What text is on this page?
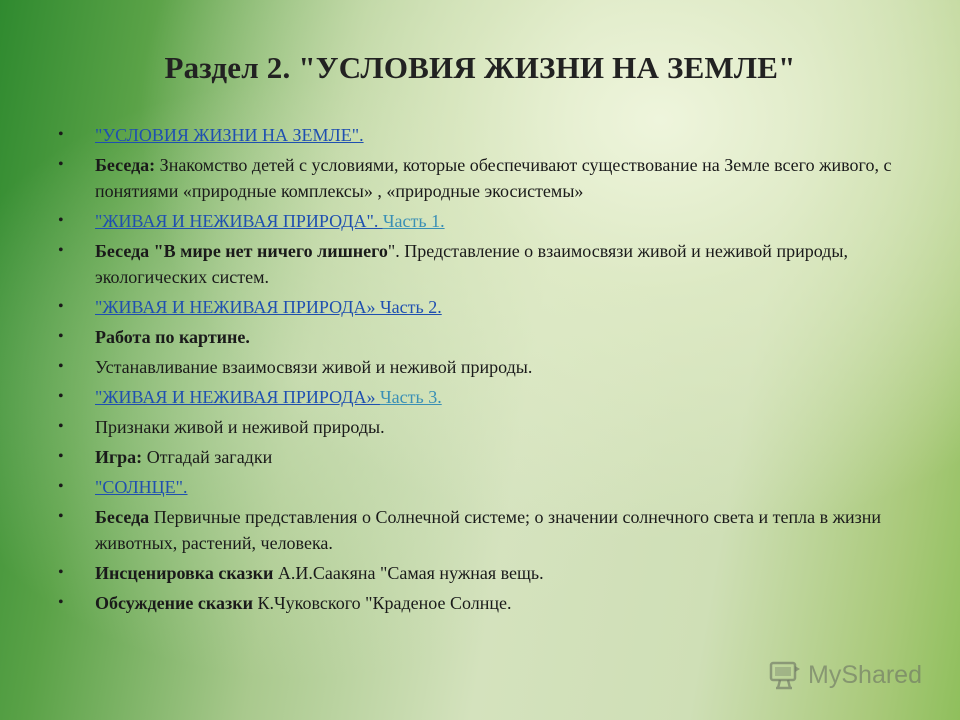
Раздел 2. "УСЛОВИЯ ЖИЗНИ НА ЗЕМЛЕ"
•	"УСЛОВИЯ ЖИЗНИ НА ЗЕМЛЕ".
•	Беседа: Знакомство детей с условиями, которые обеспечивают существование на Земле всего живого, с понятиями «природные комплексы» , «природные экосистемы»
•	"ЖИВАЯ И НЕЖИВАЯ ПРИРОДА". Часть 1.
•	Беседа "В мире нет ничего лишнего". Представление о взаимосвязи живой и неживой природы, экологических систем.
•	"ЖИВАЯ И НЕЖИВАЯ ПРИРОДА» Часть 2.
•	Работа по картине.
•	Устанавливание взаимосвязи живой и неживой природы.
•	"ЖИВАЯ И НЕЖИВАЯ ПРИРОДА» Часть 3.
•	Признаки живой и неживой природы.
•	Игра: Отгадай загадки
•	"СОЛНЦЕ".
•	Беседа Первичные представления о Солнечной системе; о значении солнечного света и тепла в жизни животных, растений, человека.
•	Инсценировка сказки А.И.Саакяна "Самая нужная вещь.
•	Обсуждение сказки К.Чуковского "Краденое Солнце.
MyShared
